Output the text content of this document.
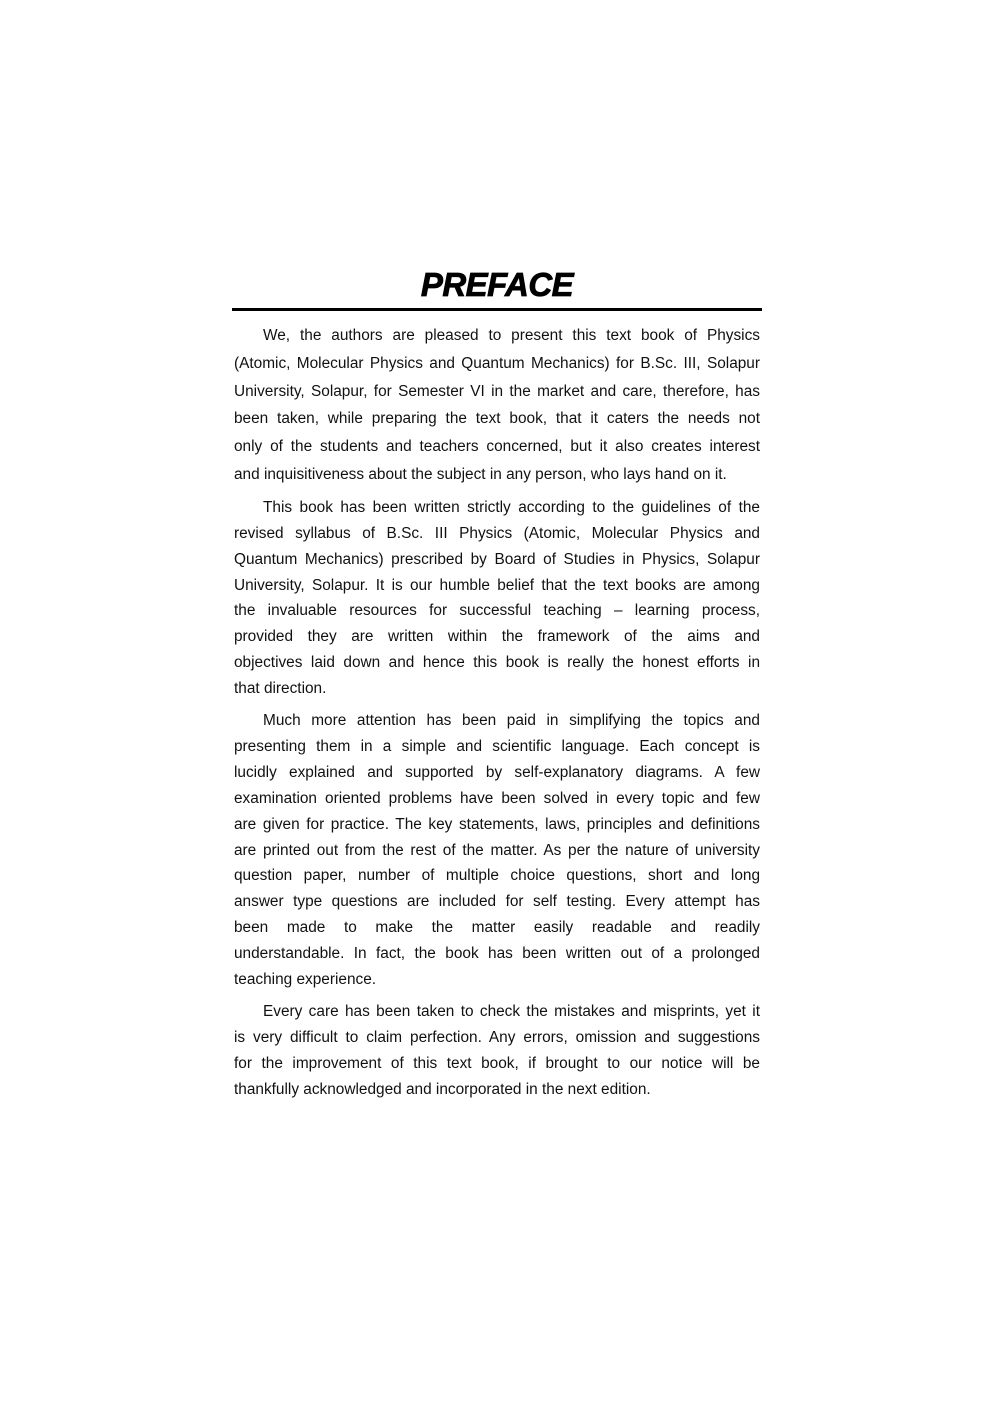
PREFACE
We, the authors are pleased to present this text book of Physics
(Atomic, Molecular Physics and Quantum Mechanics) for B.Sc. III, Solapur
University, Solapur, for Semester VI in the market and care, therefore, has
been taken, while preparing the text book, that it caters the needs not
only of the students and teachers concerned, but it also creates interest
and inquisitiveness about the subject in any person, who lays hand on it.
This book has been written strictly according to the guidelines of the
revised syllabus of B.Sc. III Physics (Atomic, Molecular Physics and
Quantum Mechanics) prescribed by Board of Studies in Physics, Solapur
University, Solapur. It is our humble belief that the text books are among
the invaluable resources for successful teaching – learning process,
provided they are written within the framework of the aims and
objectives laid down and hence this book is really the honest efforts in
that direction.
Much more attention has been paid in simplifying the topics and
presenting them in a simple and scientific language. Each concept is
lucidly explained and supported by self-explanatory diagrams. A few
examination oriented problems have been solved in every topic and few
are given for practice. The key statements, laws, principles and definitions
are printed out from the rest of the matter. As per the nature of university
question paper, number of multiple choice questions, short and long
answer type questions are included for self testing. Every attempt has
been made to make the matter easily readable and readily
understandable. In fact, the book has been written out of a prolonged
teaching experience.
Every care has been taken to check the mistakes and misprints, yet it
is very difficult to claim perfection. Any errors, omission and suggestions
for the improvement of this text book, if brought to our notice will be
thankfully acknowledged and incorporated in the next edition.
